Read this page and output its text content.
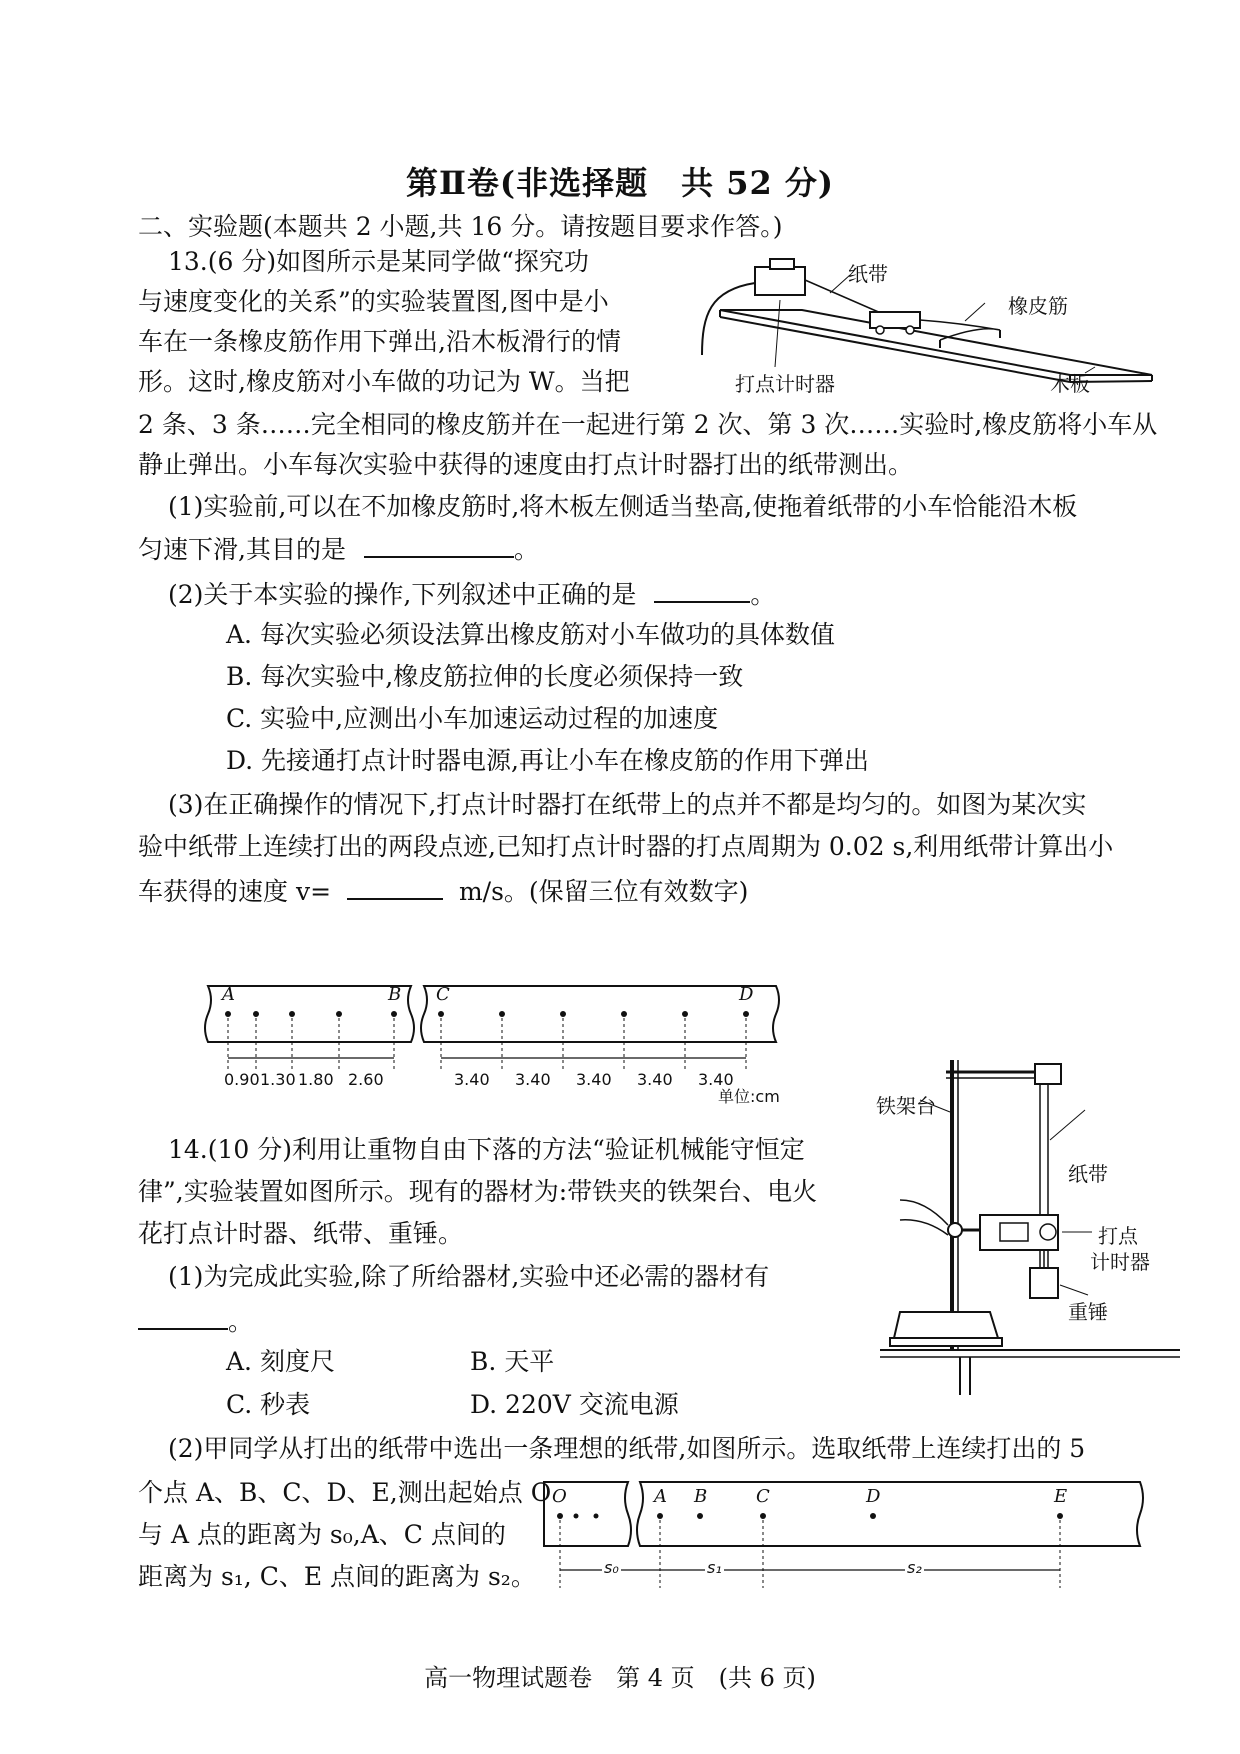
第Ⅱ卷(非选择题　共 52 分)
二、实验题(本题共 2 小题,共 16 分。请按题目要求作答。)
13.(6 分)如图所示是某同学做“探究功
与速度变化的关系”的实验装置图,图中是小
车在一条橡皮筋作用下弹出,沿木板滑行的情
形。这时,橡皮筋对小车做的功记为 W。当把
2 条、3 条……完全相同的橡皮筋并在一起进行第 2 次、第 3 次……实验时,橡皮筋将小车从
静止弹出。小车每次实验中获得的速度由打点计时器打出的纸带测出。
纸带
橡皮筋
打点计时器	木板
(1)实验前,可以在不加橡皮筋时,将木板左侧适当垫高,使拖着纸带的小车恰能沿木板
匀速下滑,其目的是	。
(2)关于本实验的操作,下列叙述中正确的是	。
A. 每次实验必须设法算出橡皮筋对小车做功的具体数值
B. 每次实验中,橡皮筋拉伸的长度必须保持一致
C. 实验中,应测出小车加速运动过程的加速度
D. 先接通打点计时器电源,再让小车在橡皮筋的作用下弹出
(3)在正确操作的情况下,打点计时器打在纸带上的点并不都是均匀的。如图为某次实
验中纸带上连续打出的两段点迹,已知打点计时器的打点周期为 0.02 s,利用纸带计算出小
车获得的速度 v=	m/s。(保留三位有效数字)
A	B C	D
0.90 1.30 1.80 2.60	3.40 3.40 3.40 3.40 3.40
单位:cm
14.(10 分)利用让重物自由下落的方法“验证机械能守恒定
律”,实验装置如图所示。现有的器材为:带铁夹的铁架台、电火
花打点计时器、纸带、重锤。
(1)为完成此实验,除了所给器材,实验中还必需的器材有
。
A. 刻度尺	B. 天平
C. 秒表	D. 220V 交流电源
铁架台
纸带
打点
计时器
重锤
(2)甲同学从打出的纸带中选出一条理想的纸带,如图所示。选取纸带上连续打出的 5
个点 A、B、C、D、E,测出起始点 O
与 A 点的距离为 s₀,A、C 点间的
距离为 s₁, C、E 点间的距离为 s₂。
O	A B	C	D	E
s₀	s₁	s₂
高一物理试题卷　第 4 页　(共 6 页)
